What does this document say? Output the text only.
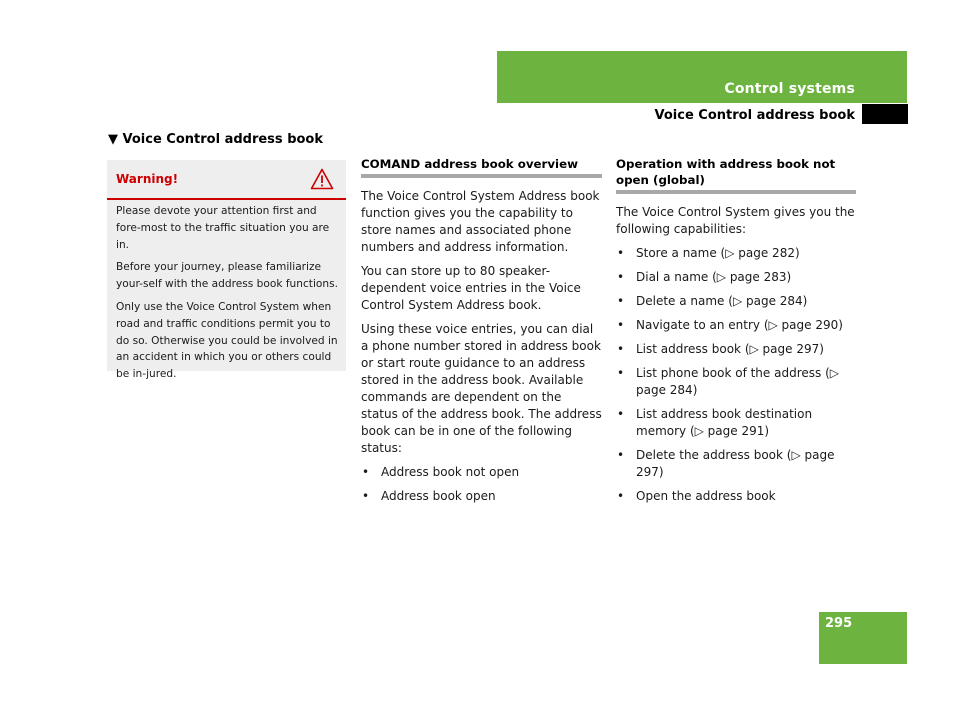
Control systems
Voice Control address book
▼ Voice Control address book
Warning!

Please devote your attention first and fore-most to the traffic situation you are in.

Before your journey, please familiarize your-self with the address book functions.

Only use the Voice Control System when road and traffic conditions permit you to do so. Otherwise you could be involved in an accident in which you or others could be in-jured.

COMAND address book overview

The Voice Control System Address book function gives you the capability to store names and associated phone numbers and address information.

You can store up to 80 speaker-dependent voice entries in the Voice Control System Address book.

Using these voice entries, you can dial a phone number stored in address book or start route guidance to an address stored in the address book. Available commands are dependent on the status of the address book. The address book can be in one of the following status:

• Address book not open
• Address book open
Operation with address book not open (global)

The Voice Control System gives you the following capabilities:

• Store a name (▷ page 282)
• Dial a name (▷ page 283)
• Delete a name (▷ page 284)
• Navigate to an entry (▷ page 290)
• List address book (▷ page 297)
• List phone book of the address (▷ page 284)
• List address book destination memory (▷ page 291)
• Delete the address book (▷ page 297)
• Open the address book
295
